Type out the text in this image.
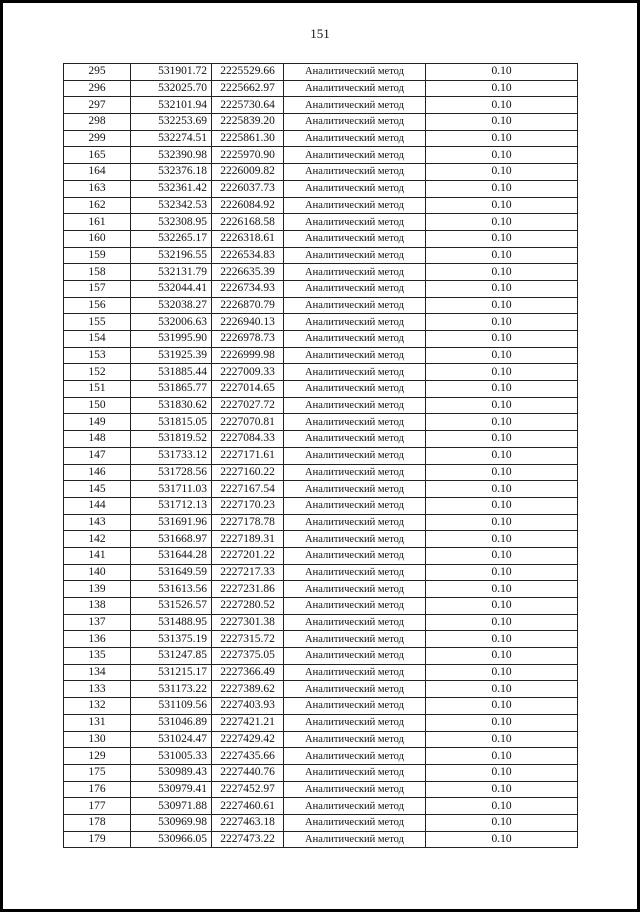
151
295	531901.72	2225529.66	Аналитический метод	0.10
296	532025.70	2225662.97	Аналитический метод	0.10
297	532101.94	2225730.64	Аналитический метод	0.10
298	532253.69	2225839.20	Аналитический метод	0.10
299	532274.51	2225861.30	Аналитический метод	0.10
165	532390.98	2225970.90	Аналитический метод	0.10
164	532376.18	2226009.82	Аналитический метод	0.10
163	532361.42	2226037.73	Аналитический метод	0.10
162	532342.53	2226084.92	Аналитический метод	0.10
161	532308.95	2226168.58	Аналитический метод	0.10
160	532265.17	2226318.61	Аналитический метод	0.10
159	532196.55	2226534.83	Аналитический метод	0.10
158	532131.79	2226635.39	Аналитический метод	0.10
157	532044.41	2226734.93	Аналитический метод	0.10
156	532038.27	2226870.79	Аналитический метод	0.10
155	532006.63	2226940.13	Аналитический метод	0.10
154	531995.90	2226978.73	Аналитический метод	0.10
153	531925.39	2226999.98	Аналитический метод	0.10
152	531885.44	2227009.33	Аналитический метод	0.10
151	531865.77	2227014.65	Аналитический метод	0.10
150	531830.62	2227027.72	Аналитический метод	0.10
149	531815.05	2227070.81	Аналитический метод	0.10
148	531819.52	2227084.33	Аналитический метод	0.10
147	531733.12	2227171.61	Аналитический метод	0.10
146	531728.56	2227160.22	Аналитический метод	0.10
145	531711.03	2227167.54	Аналитический метод	0.10
144	531712.13	2227170.23	Аналитический метод	0.10
143	531691.96	2227178.78	Аналитический метод	0.10
142	531668.97	2227189.31	Аналитический метод	0.10
141	531644.28	2227201.22	Аналитический метод	0.10
140	531649.59	2227217.33	Аналитический метод	0.10
139	531613.56	2227231.86	Аналитический метод	0.10
138	531526.57	2227280.52	Аналитический метод	0.10
137	531488.95	2227301.38	Аналитический метод	0.10
136	531375.19	2227315.72	Аналитический метод	0.10
135	531247.85	2227375.05	Аналитический метод	0.10
134	531215.17	2227366.49	Аналитический метод	0.10
133	531173.22	2227389.62	Аналитический метод	0.10
132	531109.56	2227403.93	Аналитический метод	0.10
131	531046.89	2227421.21	Аналитический метод	0.10
130	531024.47	2227429.42	Аналитический метод	0.10
129	531005.33	2227435.66	Аналитический метод	0.10
175	530989.43	2227440.76	Аналитический метод	0.10
176	530979.41	2227452.97	Аналитический метод	0.10
177	530971.88	2227460.61	Аналитический метод	0.10
178	530969.98	2227463.18	Аналитический метод	0.10
179	530966.05	2227473.22	Аналитический метод	0.10
